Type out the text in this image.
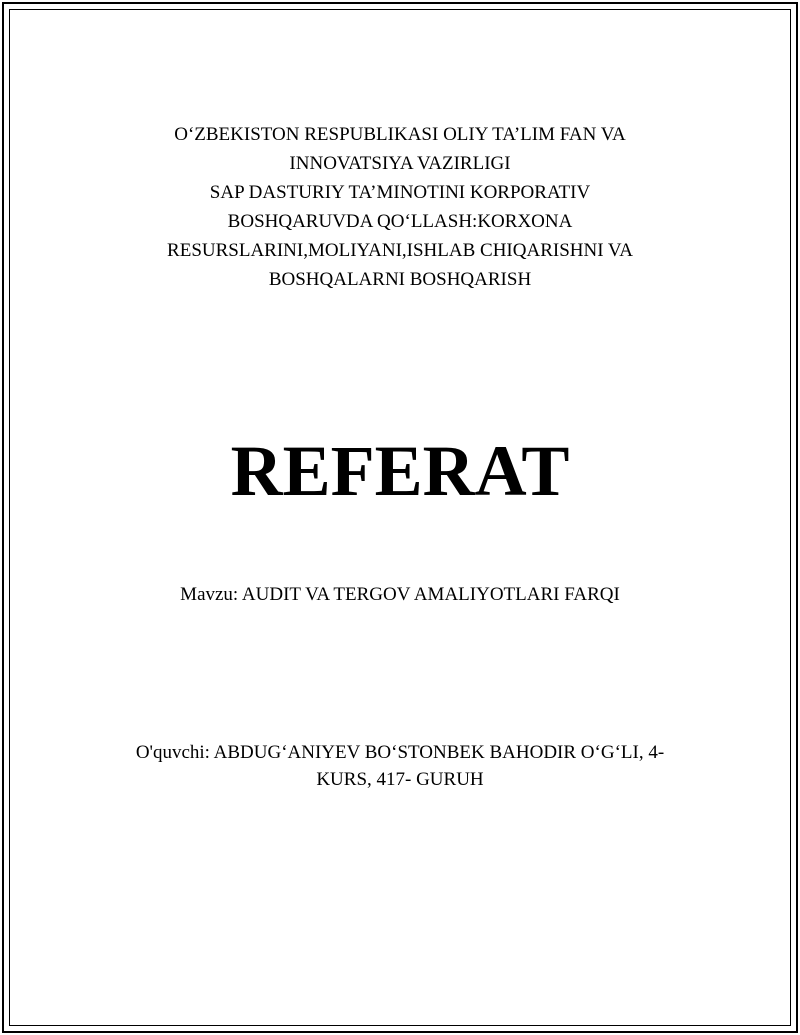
O‘ZBEKISTON RESPUBLIKASI OLIY TA’LIM FAN VA
INNOVATSIYA VAZIRLIGI
SAP DASTURIY TA’MINOTINI KORPORATIV
BOSHQARUVDA QO‘LLASH:KORXONA
RESURSLARINI,MOLIYANI,ISHLAB CHIQARISHNI VA
BOSHQALARNI BOSHQARISH
REFERAT
Mavzu: AUDIT VA TERGOV AMALIYOTLARI FARQI
O'quvchi: ABDUG‘ANIYEV BO‘STONBEK BAHODIR O‘G‘LI, 4-
KURS, 417- GURUH
